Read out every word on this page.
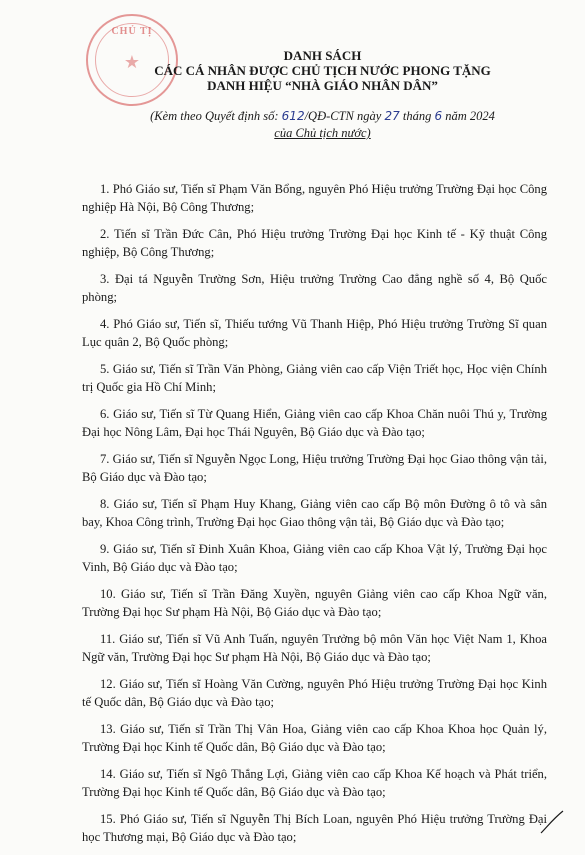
CHỦ TỊ
★	DANH SÁCH

CÁC CÁ NHÂN ĐƯỢC CHỦ TỊCH NƯỚC PHONG TẶNG

DANH HIỆU “NHÀ GIÁO NHÂN DÂN”

(Kèm theo Quyết định số: 612/QĐ-CTN ngày 27 tháng 6 năm 2024
của Chủ tịch nước)

1. Phó Giáo sư, Tiến sĩ Phạm Văn Bổng, nguyên Phó Hiệu trưởng Trường Đại học Công nghiệp Hà Nội, Bộ Công Thương;

2. Tiến sĩ Trần Đức Cân, Phó Hiệu trưởng Trường Đại học Kinh tế - Kỹ thuật Công nghiệp, Bộ Công Thương;

3. Đại tá Nguyễn Trường Sơn, Hiệu trưởng Trường Cao đẳng nghề số 4, Bộ Quốc phòng;

4. Phó Giáo sư, Tiến sĩ, Thiếu tướng Vũ Thanh Hiệp, Phó Hiệu trưởng Trường Sĩ quan Lục quân 2, Bộ Quốc phòng;

5. Giáo sư, Tiến sĩ Trần Văn Phòng, Giảng viên cao cấp Viện Triết học, Học viện Chính trị Quốc gia Hồ Chí Minh;

6. Giáo sư, Tiến sĩ Từ Quang Hiển, Giảng viên cao cấp Khoa Chăn nuôi Thú y, Trường Đại học Nông Lâm, Đại học Thái Nguyên, Bộ Giáo dục và Đào tạo;

7. Giáo sư, Tiến sĩ Nguyễn Ngọc Long, Hiệu trưởng Trường Đại học Giao thông vận tải, Bộ Giáo dục và Đào tạo;

8. Giáo sư, Tiến sĩ Phạm Huy Khang, Giảng viên cao cấp Bộ môn Đường ô tô và sân bay, Khoa Công trình, Trường Đại học Giao thông vận tải, Bộ Giáo dục và Đào tạo;

9. Giáo sư, Tiến sĩ Đinh Xuân Khoa, Giảng viên cao cấp Khoa Vật lý, Trường Đại học Vinh, Bộ Giáo dục và Đào tạo;

10. Giáo sư, Tiến sĩ Trần Đăng Xuyền, nguyên Giảng viên cao cấp Khoa Ngữ văn, Trường Đại học Sư phạm Hà Nội, Bộ Giáo dục và Đào tạo;

11. Giáo sư, Tiến sĩ Vũ Anh Tuấn, nguyên Trưởng bộ môn Văn học Việt Nam 1, Khoa Ngữ văn, Trường Đại học Sư phạm Hà Nội, Bộ Giáo dục và Đào tạo;

12. Giáo sư, Tiến sĩ Hoàng Văn Cường, nguyên Phó Hiệu trưởng Trường Đại học Kinh tế Quốc dân, Bộ Giáo dục và Đào tạo;

13. Giáo sư, Tiến sĩ Trần Thị Vân Hoa, Giảng viên cao cấp Khoa Khoa học Quản lý, Trường Đại học Kinh tế Quốc dân, Bộ Giáo dục và Đào tạo;

14. Giáo sư, Tiến sĩ Ngô Thắng Lợi, Giảng viên cao cấp Khoa Kế hoạch và Phát triển, Trường Đại học Kinh tế Quốc dân, Bộ Giáo dục và Đào tạo;

15. Phó Giáo sư, Tiến sĩ Nguyễn Thị Bích Loan, nguyên Phó Hiệu trưởng Trường Đại học Thương mại, Bộ Giáo dục và Đào tạo;
